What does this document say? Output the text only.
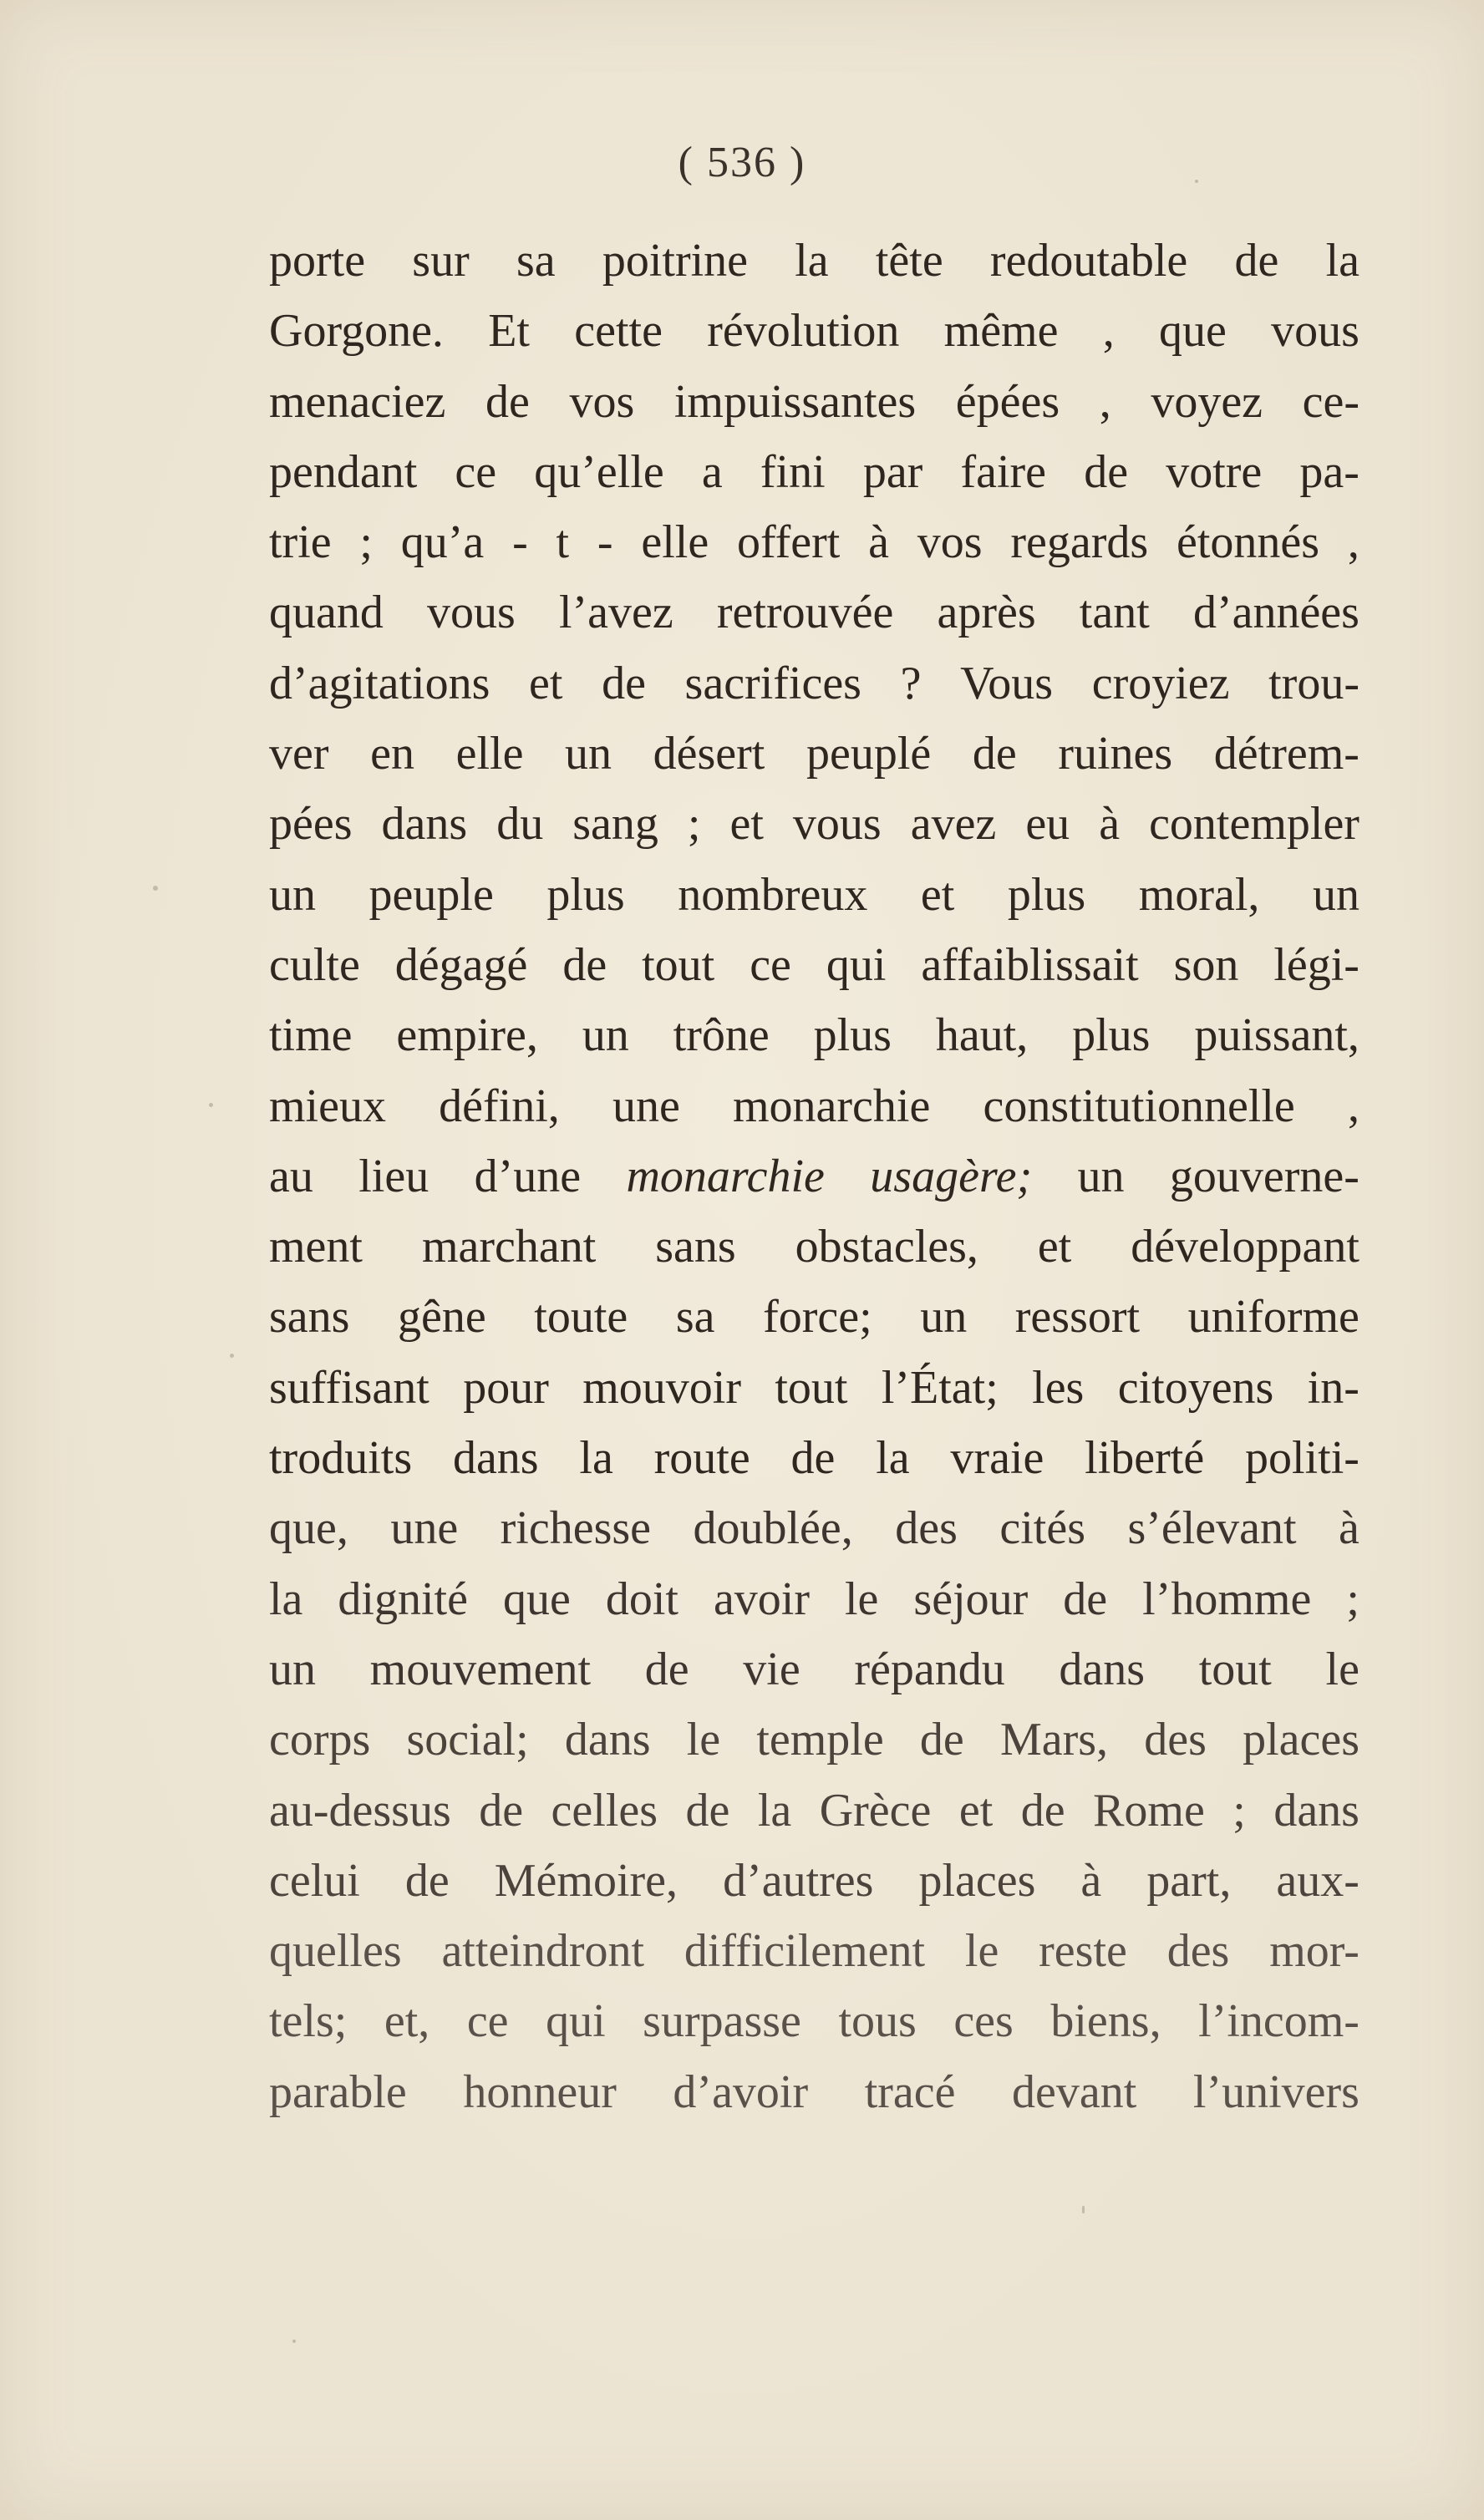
( 536 )
porte sur sa poitrine la tête redoutable de la
Gorgone. Et cette révolution même , que vous
menaciez de vos impuissantes épées , voyez ce-
pendant ce qu’elle a fini par faire de votre pa-
trie ; qu’a - t - elle offert à vos regards étonnés ,
quand vous l’avez retrouvée après tant d’années
d’agitations et de sacrifices ? Vous croyiez trou-
ver en elle un désert peuplé de ruines détrem-
pées dans du sang ; et vous avez eu à contempler
un peuple plus nombreux et plus moral, un
culte dégagé de tout ce qui affaiblissait son légi-
time empire, un trône plus haut, plus puissant,
mieux défini, une monarchie constitutionnelle ,
au lieu d’une monarchie usagère; un gouverne-
ment marchant sans obstacles, et développant
sans gêne toute sa force; un ressort uniforme
suffisant pour mouvoir tout l’État; les citoyens in-
troduits dans la route de la vraie liberté politi-
que, une richesse doublée, des cités s’élevant à
la dignité que doit avoir le séjour de l’homme ;
un mouvement de vie répandu dans tout le
corps social; dans le temple de Mars, des places
au-dessus de celles de la Grèce et de Rome ; dans
celui de Mémoire, d’autres places à part, aux-
quelles atteindront difficilement le reste des mor-
tels; et, ce qui surpasse tous ces biens, l’incom-
parable honneur d’avoir tracé devant l’univers
